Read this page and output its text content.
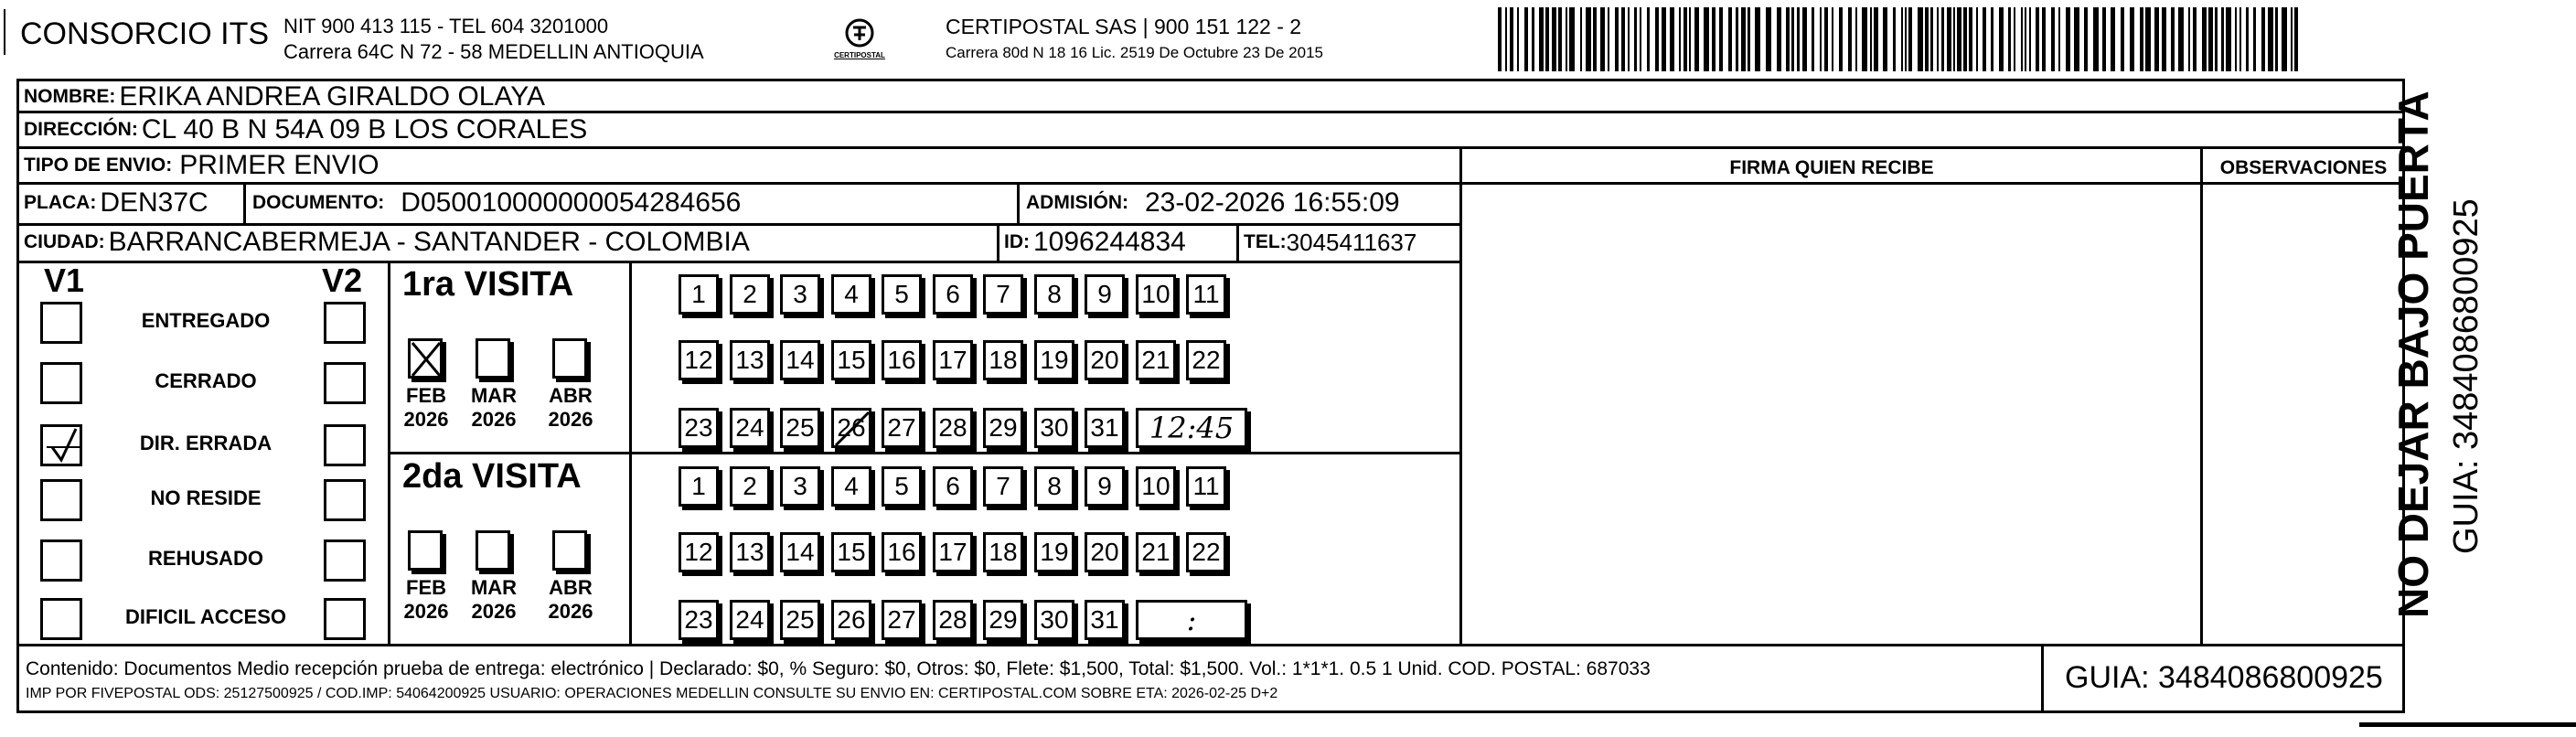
CONSORCIO ITS NIT 900 413 115 - TEL 604 3201000
Carrera 64C N 72 - 58 MEDELLIN ANTIOQUIA	CERTIPOSTAL
CERTIPOSTAL SAS | 900 151 122 - 2
Carrera 80d N 18 16 Lic. 2519 De Octubre 23 De 2015
NOMBRE: ERIKA ANDREA GIRALDO OLAYA
DIRECCIÓN: CL 40 B N 54A 09 B LOS CORALES
TIPO DE ENVIO: PRIMER ENVIO	FIRMA QUIEN RECIBE	OBSERVACIONES
PLACA: DEN37C DOCUMENTO: D050010000000054284656	ADMISIÓN: 23-02-2026 16:55:09
CIUDAD: BARRANCABERMEJA - SANTANDER - COLOMBIA	ID: 1096244834	TEL: 3045411637
V1	V2
Contenido: Documentos Medio recepción prueba de entrega: electrónico | Declarado: $0, % Seguro: $0, Otros: $0, Flete: $1,500, Total: $1,500. Vol.: 1*1*1. 0.5 1 Unid. COD. POSTAL: 687033
IMP POR FIVEPOSTAL ODS: 25127500925 / COD.IMP: 54064200925 USUARIO: OPERACIONES MEDELLIN CONSULTE SU ENVIO EN: CERTIPOSTAL.COM SOBRE ETA: 2026-02-25 D+2	GUIA: 3484086800925
NO DEJAR BAJO PUERTA GUIA: 3484086800925
ENTREGADO
CERRADO
DIR. ERRADA
NO RESIDE
REHUSADO
DIFICIL ACCESO
1ra VISITA
FEB
2026
MAR
2026
ABR
2026
1	2	3	4	5	6	7	8	9	10 11
12 13 14 15 16 17 18 19 20 21 22
23 24 25 26 27 28 29 30 31	12:45
2da VISITA
FEB
2026
MAR
2026
ABR
2026
1	2	3	4	5	6	7	8	9	10 11
12 13 14 15 16 17 18 19 20 21 22
23 24 25 26 27 28 29 30 31	:
